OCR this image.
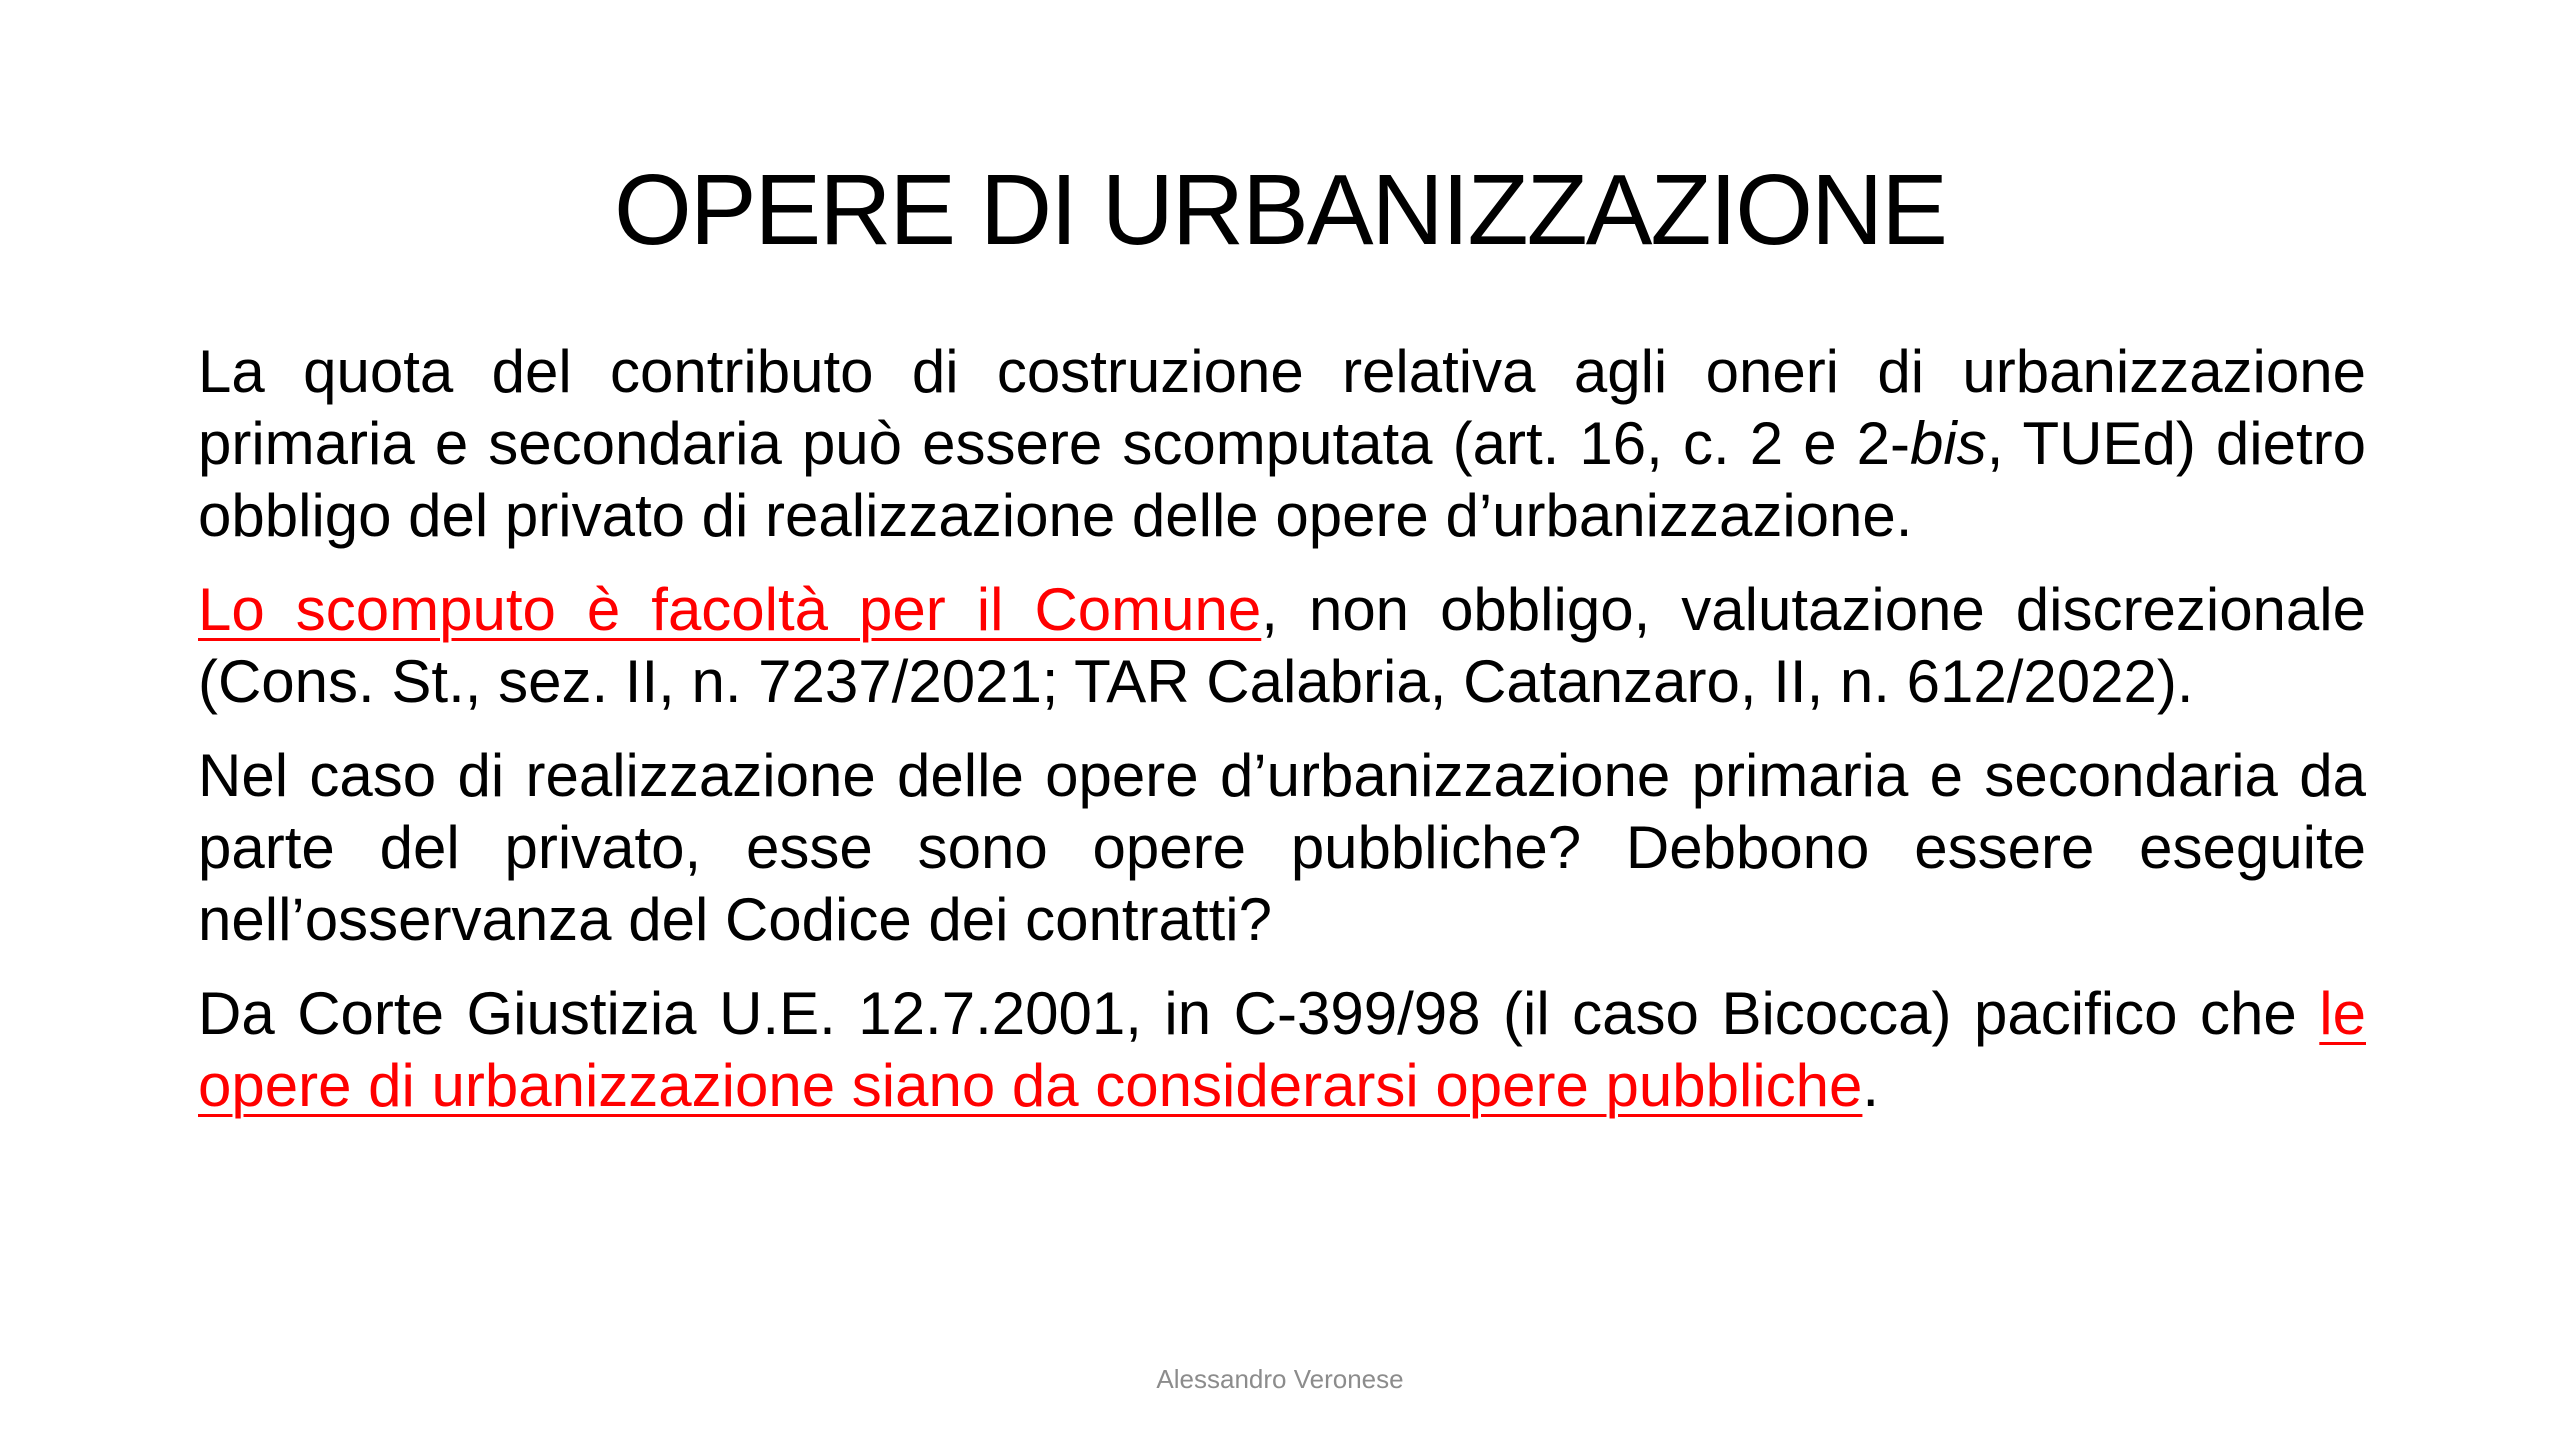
OPERE DI URBANIZZAZIONE

La quota del contributo di costruzione relativa agli oneri di urbanizzazione primaria e secondaria può essere scomputata (art. 16, c. 2 e 2-bis, TUEd) dietro obbligo del privato di realizzazione delle opere d’urbanizzazione.

Lo scomputo è facoltà per il Comune, non obbligo, valutazione discrezionale (Cons. St., sez. II, n. 7237/2021; TAR Calabria, Catanzaro, II, n. 612/2022).

Nel caso di realizzazione delle opere d’urbanizzazione primaria e secondaria da parte del privato, esse sono opere pubbliche? Debbono essere eseguite nell’osservanza del Codice dei contratti?

Da Corte Giustizia U.E. 12.7.2001, in C-399/98 (il caso Bicocca) pacifico che le opere di urbanizzazione siano da considerarsi opere pubbliche.

Alessandro Veronese
